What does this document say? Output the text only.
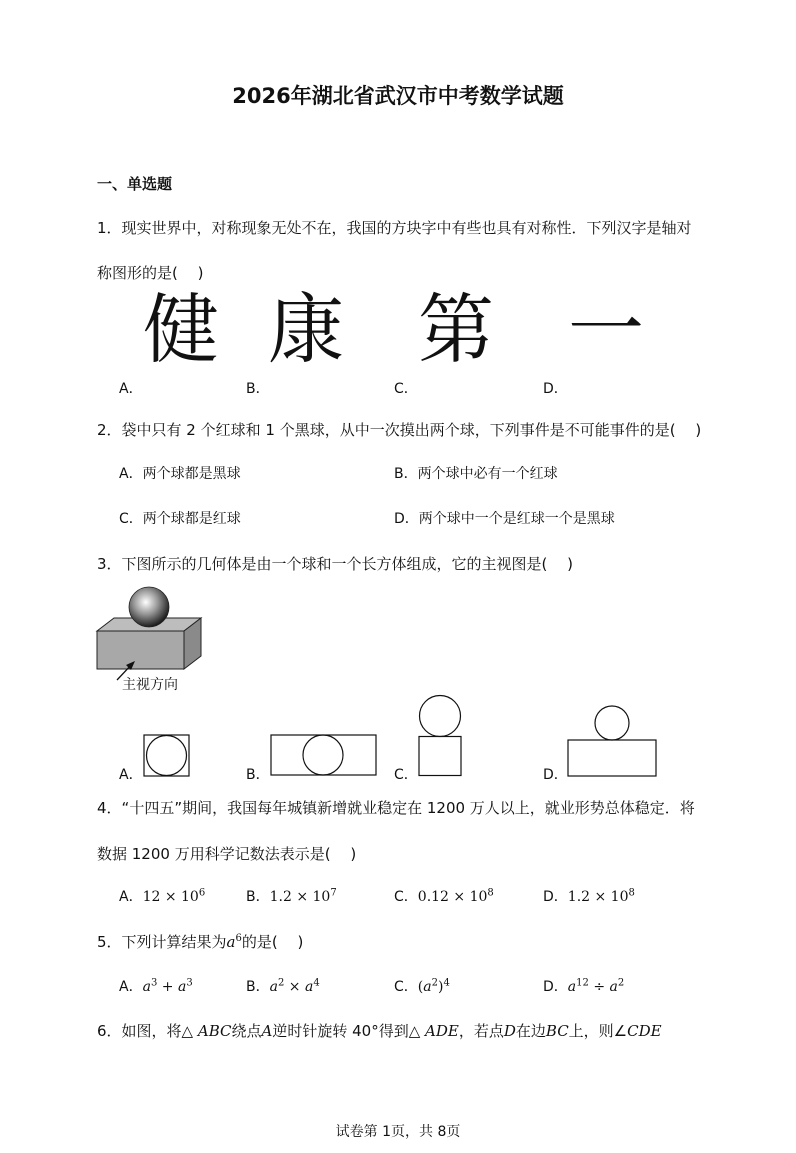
2026年湖北省武汉市中考数学试题
一、单选题
1．现实世界中，对称现象无处不在，我国的方块字中有些也具有对称性．下列汉字是轴对
称图形的是(　 )
健 康 第 一
A．	B．	C．	D．
2．袋中只有 2 个红球和 1 个黑球，从中一次摸出两个球，下列事件是不可能事件的是(　 )
A．两个球都是黑球	B．两个球中必有一个红球
C．两个球都是红球	D．两个球中一个是红球一个是黑球
3．下图所示的几何体是由一个球和一个长方体组成，它的主视图是(　 )
主视方向
A．	B．	C．	D．
4．“十四五”期间，我国每年城镇新增就业稳定在 1200 万人以上，就业形势总体稳定．将
数据 1200 万用科学记数法表示是(　 )
A．$12 \times 10^6$	B．$1.2 \times 10^7$	C．$0.12 \times 10^8$	D．$1.2 \times 10^8$
5．下列计算结果为$a^6$的是(　 )
A．$a^3 + a^3$	B．$a^2 \times a^4$	C．$(a^2)^4$	D．$a^{12} \div a^2$
6．如图，将△ ABC绕点A逆时针旋转 40°得到△ ADE，若点D在边BC上，则∠CDE
试卷第 1页，共 8页
